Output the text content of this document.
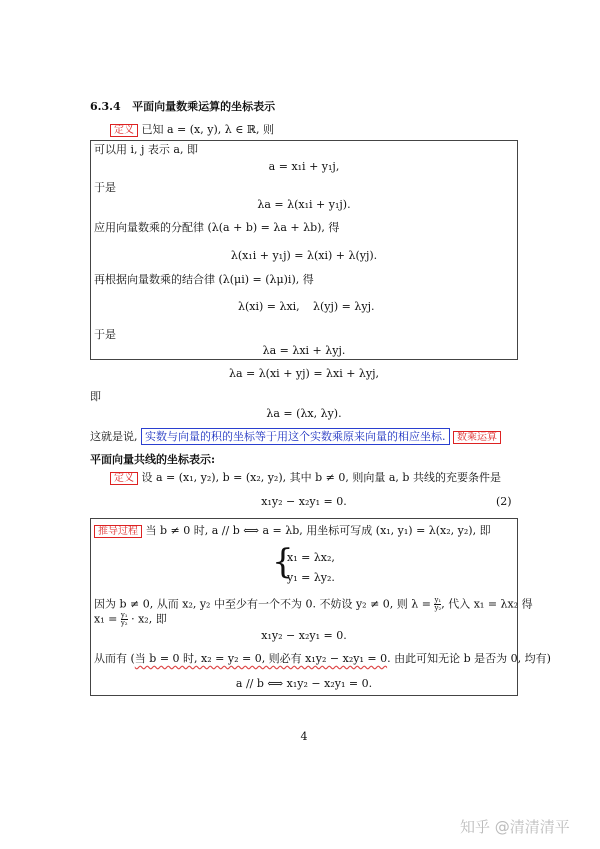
6.3.4 平面向量数乘运算的坐标表示
定义 已知 a = (x, y), λ ∈ ℝ, 则
可以用 i, j 表示 a, 即
a = x₁i + y₁j,
于是
λa = λ(x₁i + y₁j).
应用向量数乘的分配律 (λ(a + b) = λa + λb), 得
λ(x₁i + y₁j) = λ(xi) + λ(yj).
再根据向量数乘的结合律 (λ(μi) = (λμ)i), 得
λ(xi) = λxi, λ(yj) = λyj.
于是
λa = λxi + λyj.
λa = λ(xi + yj) = λxi + λyj,
即
λa = (λx, λy).
这就是说, 实数与向量的积的坐标等于用这个实数乘原来向量的相应坐标. 数乘运算
平面向量共线的坐标表示:
定义 设 a = (x₁, y₂), b = (x₂, y₂), 其中 b ≠ 0, 则向量 a, b 共线的充要条件是
x₁y₂ − x₂y₁ = 0.	(2)
推导过程 当 b ≠ 0 时, a // b ⟺ a = λb, 用坐标可写成 (x₁, y₁) = λ(x₂, y₂), 即
{
x₁ = λx₂,
y₁ = λy₂.
因为 b ≠ 0, 从而 x₂, y₂ 中至少有一个不为 0. 不妨设 y₂ ≠ 0, 则 $\lambda = \frac{\text{y₁}}{\text{y₂}}$ , 代入 x₁ = λx₂ 得
$x_1 = \frac{\text{y₁}}{\text{y₂}} \cdot x_2$, 即
x₁y₂ − x₂y₁ = 0.
从而有 (当 b = 0 时, x₂ = y₂ = 0, 则必有 x₁y₂ − x₂y₁ = 0. 由此可知无论 b 是否为 0, 均有)
a // b ⟺ x₁y₂ − x₂y₁ = 0.
4
知乎 @清清清平
